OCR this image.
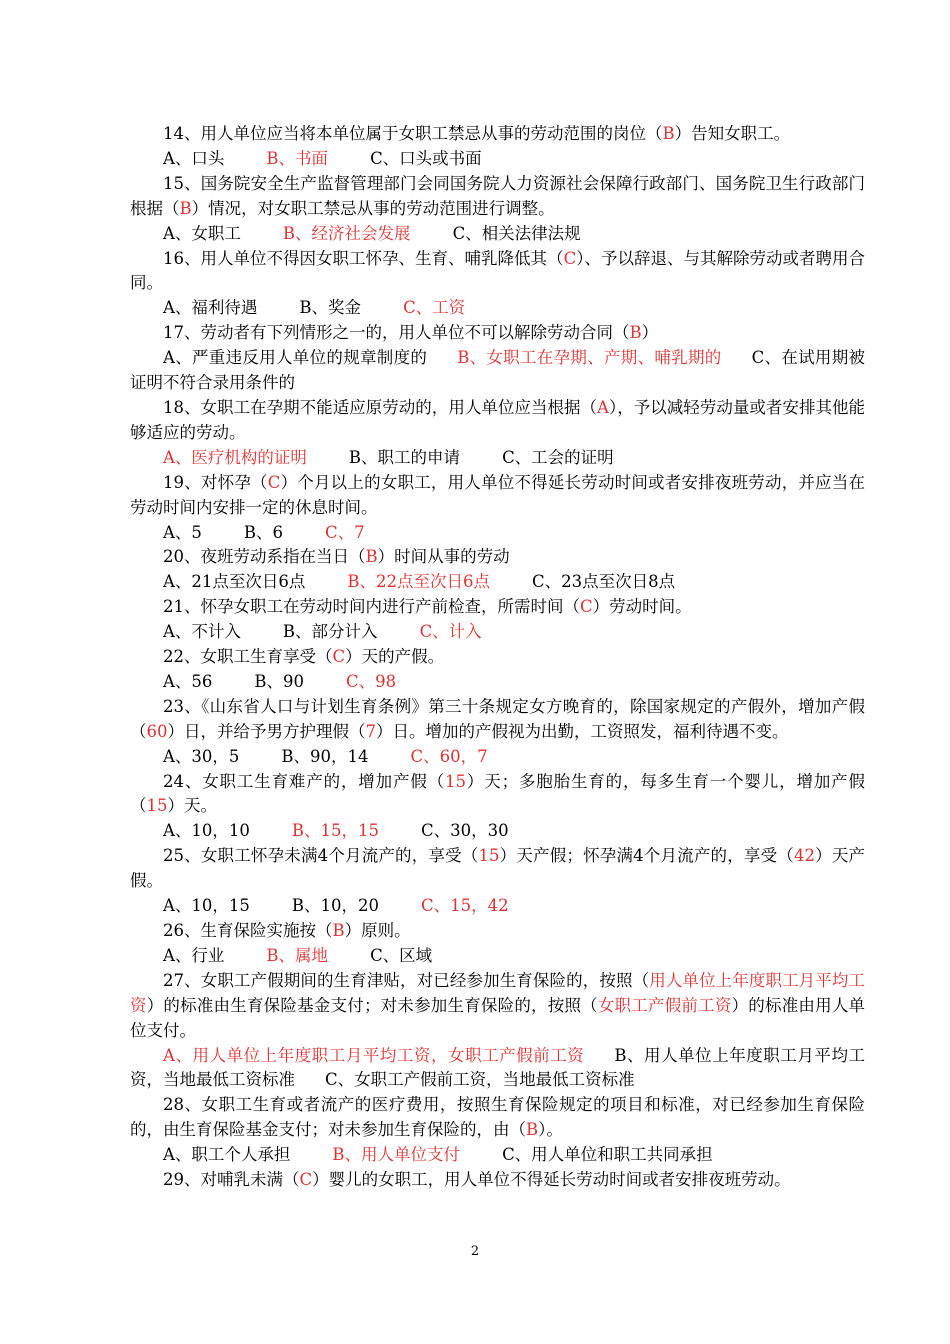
14、用人单位应当将本单位属于女职工禁忌从事的劳动范围的岗位（B）告知女职工。

A、口头	B、书面	C、口头或书面

15、国务院安全生产监督管理部门会同国务院人力资源社会保障行政部门、国务院卫生行政部门根据（B）情况，对女职工禁忌从事的劳动范围进行调整。

A、女职工	B、经济社会发展	C、相关法律法规

16、用人单位不得因女职工怀孕、生育、哺乳降低其（C）、予以辞退、与其解除劳动或者聘用合同。

A、福利待遇	B、奖金	C、工资

17、劳动者有下列情形之一的，用人单位不可以解除劳动合同（B）

A、严重违反用人单位的规章制度的 B、女职工在孕期、产期、哺乳期的 C、在试用期被证明不符合录用条件的

18、女职工在孕期不能适应原劳动的，用人单位应当根据（A），予以减轻劳动量或者安排其他能够适应的劳动。

A、医疗机构的证明	B、职工的申请	C、工会的证明

19、对怀孕（C）个月以上的女职工，用人单位不得延长劳动时间或者安排夜班劳动，并应当在劳动时间内安排一定的休息时间。

A、5	B、6	C、7

20、夜班劳动系指在当日（B）时间从事的劳动

A、21点至次日6点	B、22点至次日6点	C、23点至次日8点

21、怀孕女职工在劳动时间内进行产前检查，所需时间（C）劳动时间。

A、不计入	B、部分计入	C、计入

22、女职工生育享受（C）天的产假。

A、56	B、90	C、98

23、《山东省人口与计划生育条例》第三十条规定女方晚育的，除国家规定的产假外，增加产假（60）日，并给予男方护理假（7）日。增加的产假视为出勤，工资照发，福利待遇不变。

A、30，5	B、90，14	C、60，7

24、女职工生育难产的，增加产假（15）天；多胞胎生育的，每多生育一个婴儿，增加产假（15）天。

A、10，10	B、15，15	C、30，30

25、女职工怀孕未满4个月流产的，享受（15）天产假；怀孕满4个月流产的，享受（42）天产假。

A、10，15	B、10，20	C、15，42

26、生育保险实施按（B）原则。

A、行业	B、属地	C、区域

27、女职工产假期间的生育津贴，对已经参加生育保险的，按照（用人单位上年度职工月平均工资）的标准由生育保险基金支付；对未参加生育保险的，按照（女职工产假前工资）的标准由用人单位支付。

A、用人单位上年度职工月平均工资，女职工产假前工资 B、用人单位上年度职工月平均工资，当地最低工资标准 C、女职工产假前工资，当地最低工资标准

28、女职工生育或者流产的医疗费用，按照生育保险规定的项目和标准，对已经参加生育保险的，由生育保险基金支付；对未参加生育保险的，由（B）。

A、职工个人承担	B、用人单位支付	C、用人单位和职工共同承担

29、对哺乳未满（C）婴儿的女职工，用人单位不得延长劳动时间或者安排夜班劳动。

2
